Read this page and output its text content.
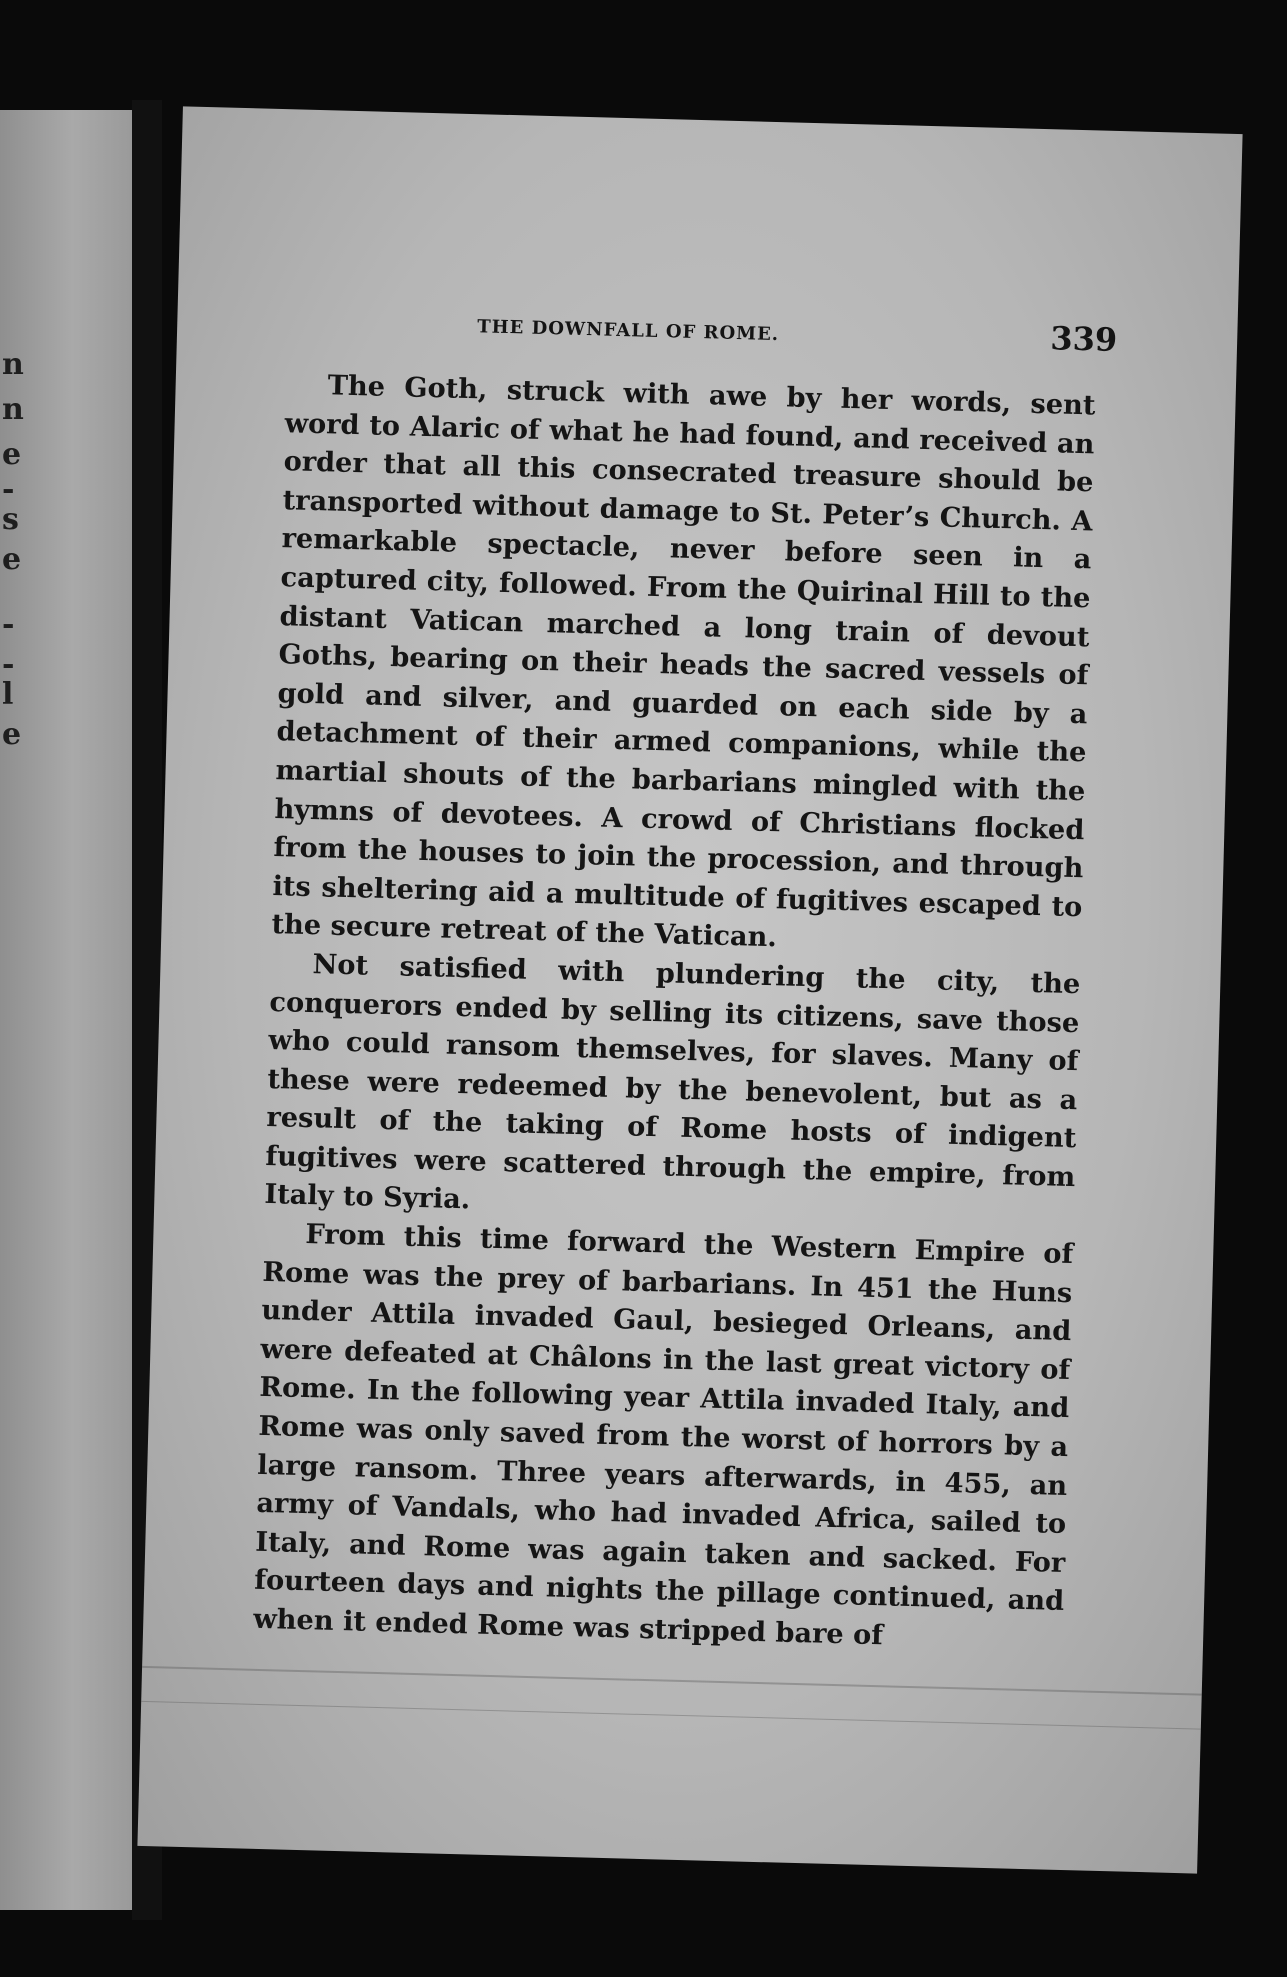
n
n
e
-
s
e
-
-
l
e
THE DOWNFALL OF ROME.	339

The Goth, struck with awe by her words, sent word to Alaric of what he had found, and received an order that all this consecrated treasure should be transported without damage to St. Peter’s Church. A remarkable spectacle, never before seen in a captured city, followed. From the Quirinal Hill to the distant Vatican marched a long train of devout Goths, bearing on their heads the sacred vessels of gold and silver, and guarded on each side by a detachment of their armed companions, while the martial shouts of the barbarians mingled with the hymns of devotees. A crowd of Christians flocked from the houses to join the procession, and through its sheltering aid a multitude of fugitives escaped to the secure retreat of the Vatican.

Not satisfied with plundering the city, the conquerors ended by selling its citizens, save those who could ransom themselves, for slaves. Many of these were redeemed by the benevolent, but as a result of the taking of Rome hosts of indigent fugitives were scattered through the empire, from Italy to Syria.

From this time forward the Western Empire of Rome was the prey of barbarians. In 451 the Huns under Attila invaded Gaul, besieged Orleans, and were defeated at Châlons in the last great victory of Rome. In the following year Attila invaded Italy, and Rome was only saved from the worst of horrors by a large ransom. Three years afterwards, in 455, an army of Vandals, who had invaded Africa, sailed to Italy, and Rome was again taken and sacked. For fourteen days and nights the pillage continued, and when it ended Rome was stripped bare of
